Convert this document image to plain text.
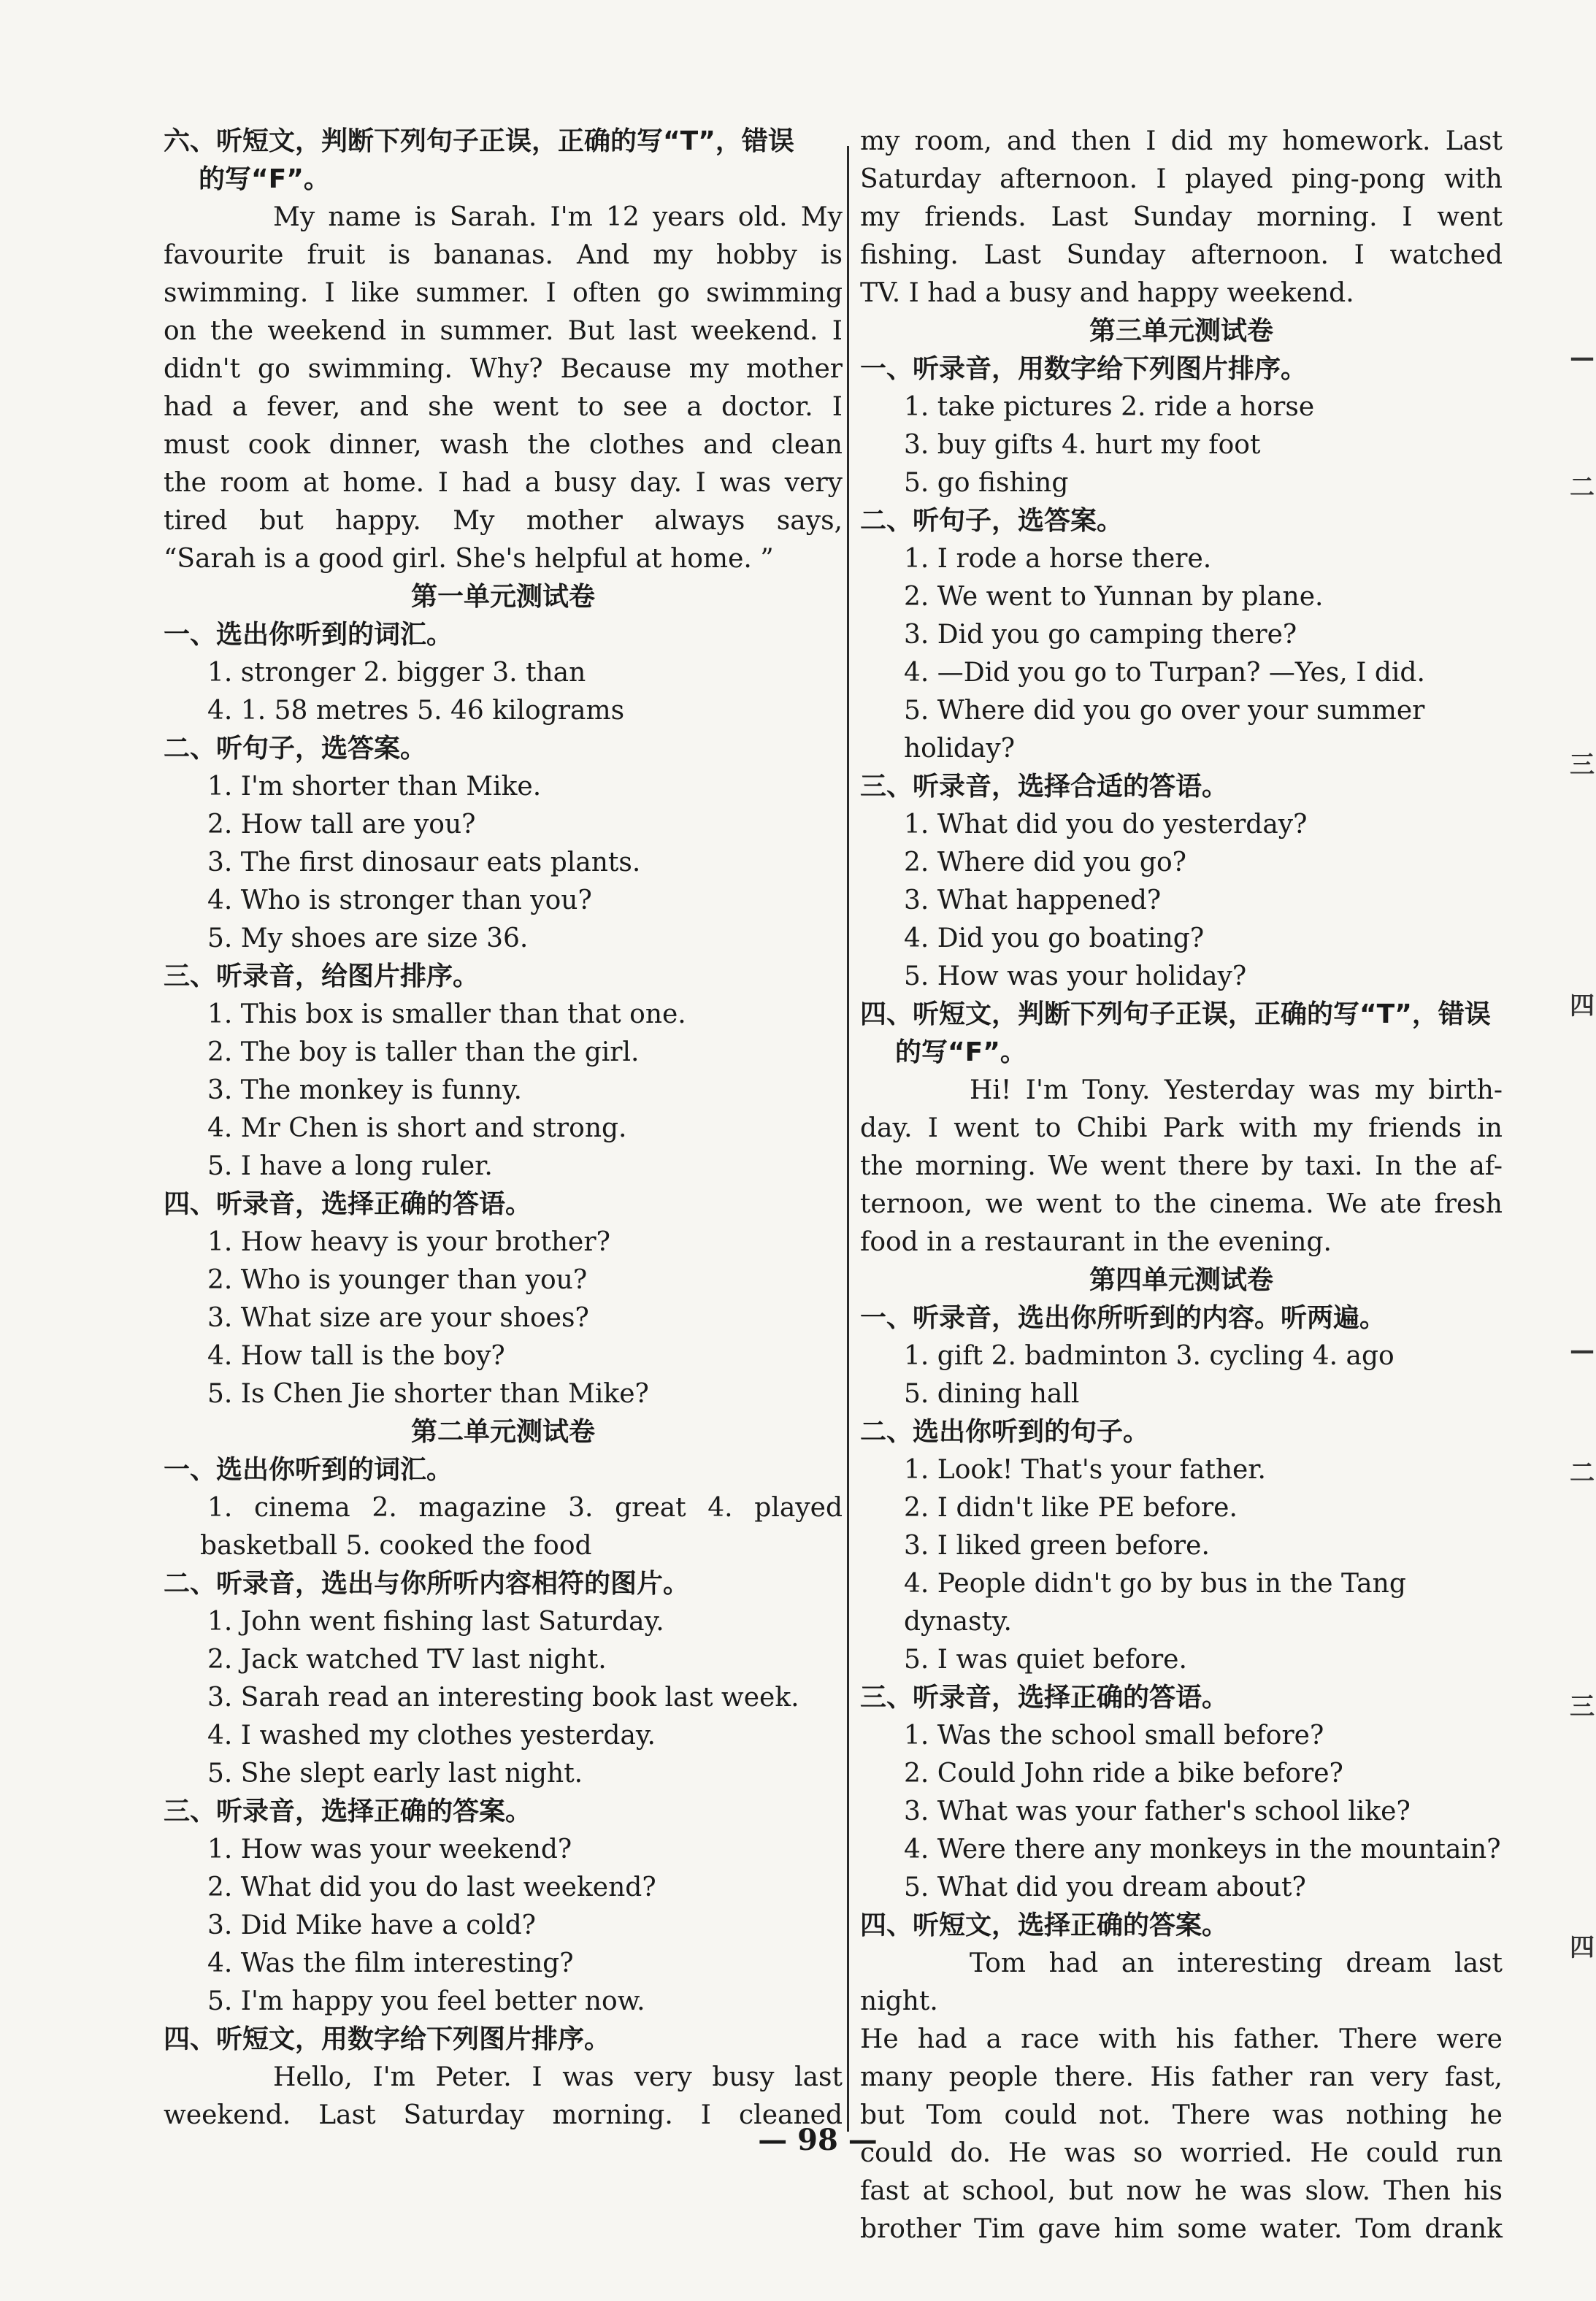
六、听短文，判断下列句子正误，正确的写“T”，错误
的写“F”。
My name is Sarah. I'm 12 years old. My
favourite fruit is bananas. And my hobby is
swimming. I like summer. I often go swimming
on the weekend in summer. But last weekend. I
didn't go swimming. Why? Because my mother
had a fever, and she went to see a doctor. I
must cook dinner, wash the clothes and clean
the room at home. I had a busy day. I was very
tired but happy. My mother always says,
“Sarah is a good girl. She's helpful at home. ”
第一单元测试卷
一、选出你听到的词汇。
1. stronger 2. bigger 3. than
4. 1. 58 metres 5. 46 kilograms
二、听句子，选答案。
1. I'm shorter than Mike.
2. How tall are you?
3. The first dinosaur eats plants.
4. Who is stronger than you?
5. My shoes are size 36.
三、听录音，给图片排序。
1. This box is smaller than that one.
2. The boy is taller than the girl.
3. The monkey is funny.
4. Mr Chen is short and strong.
5. I have a long ruler.
四、听录音，选择正确的答语。
1. How heavy is your brother?
2. Who is younger than you?
3. What size are your shoes?
4. How tall is the boy?
5. Is Chen Jie shorter than Mike?
第二单元测试卷
一、选出你听到的词汇。
1. cinema 2. magazine 3. great 4. played
basketball 5. cooked the food
二、听录音，选出与你所听内容相符的图片。
1. John went fishing last Saturday.
2. Jack watched TV last night.
3. Sarah read an interesting book last week.
4. I washed my clothes yesterday.
5. She slept early last night.
三、听录音，选择正确的答案。
1. How was your weekend?
2. What did you do last weekend?
3. Did Mike have a cold?
4. Was the film interesting?
5. I'm happy you feel better now.
四、听短文，用数字给下列图片排序。
Hello, I'm Peter. I was very busy last
weekend. Last Saturday morning. I cleaned
my room, and then I did my homework. Last
Saturday afternoon. I played ping-pong with
my friends. Last Sunday morning. I went
fishing. Last Sunday afternoon. I watched
TV. I had a busy and happy weekend.
第三单元测试卷
一、听录音，用数字给下列图片排序。
1. take pictures 2. ride a horse
3. buy gifts 4. hurt my foot
5. go fishing
二、听句子，选答案。
1. I rode a horse there.
2. We went to Yunnan by plane.
3. Did you go camping there?
4. —Did you go to Turpan? —Yes, I did.
5. Where did you go over your summer holiday?
三、听录音，选择合适的答语。
1. What did you do yesterday?
2. Where did you go?
3. What happened?
4. Did you go boating?
5. How was your holiday?
四、听短文，判断下列句子正误，正确的写“T”，错误
的写“F”。
Hi! I'm Tony. Yesterday was my birth-
day. I went to Chibi Park with my friends in
the morning. We went there by taxi. In the af-
ternoon, we went to the cinema. We ate fresh
food in a restaurant in the evening.
第四单元测试卷
一、听录音，选出你所听到的内容。听两遍。
1. gift 2. badminton 3. cycling 4. ago
5. dining hall
二、选出你听到的句子。
1. Look! That's your father.
2. I didn't like PE before.
3. I liked green before.
4. People didn't go by bus in the Tang dynasty.
5. I was quiet before.
三、听录音，选择正确的答语。
1. Was the school small before?
2. Could John ride a bike before?
3. What was your father's school like?
4. Were there any monkeys in the mountain?
5. What did you dream about?
四、听短文，选择正确的答案。
Tom had an interesting dream last night.
He had a race with his father. There were
many people there. His father ran very fast,
but Tom could not. There was nothing he
could do. He was so worried. He could run
fast at school, but now he was slow. Then his
brother Tim gave him some water. Tom drank
— 98 —
—
二
三
四
—
二
三
四
